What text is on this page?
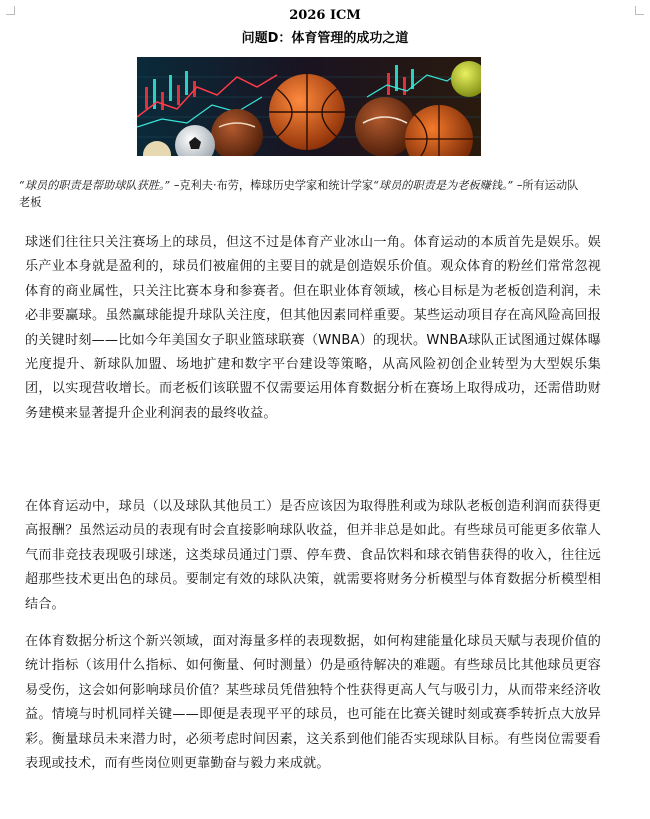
2026 ICM
问题D：体育管理的成功之道
“球员的职责是帮助球队获胜。” –克利夫·布劳，棒球历史学家和统计学家“球员的职责是为老板赚钱。” –所有运动队老板
球迷们往往只关注赛场上的球员，但这不过是体育产业冰山一角。体育运动的本质首先是娱乐。娱乐产业本身就是盈利的，球员们被雇佣的主要目的就是创造娱乐价值。观众体育的粉丝们常常忽视体育的商业属性，只关注比赛本身和参赛者。但在职业体育领域，核心目标是为老板创造利润，未必非要赢球。虽然赢球能提升球队关注度，但其他因素同样重要。某些运动项目存在高风险高回报的关键时刻——比如今年美国女子职业篮球联赛（WNBA）的现状。WNBA球队正试图通过媒体曝光度提升、新球队加盟、场地扩建和数字平台建设等策略，从高风险初创企业转型为大型娱乐集团，以实现营收增长。而老板们该联盟不仅需要运用体育数据分析在赛场上取得成功，还需借助财务建模来显著提升企业利润表的最终收益。
在体育运动中，球员（以及球队其他员工）是否应该因为取得胜利或为球队老板创造利润而获得更高报酬？虽然运动员的表现有时会直接影响球队收益，但并非总是如此。有些球员可能更多依靠人气而非竞技表现吸引球迷，这类球员通过门票、停车费、食品饮料和球衣销售获得的收入，往往远超那些技术更出色的球员。要制定有效的球队决策，就需要将财务分析模型与体育数据分析模型相结合。
在体育数据分析这个新兴领域，面对海量多样的表现数据，如何构建能量化球员天赋与表现价值的统计指标（该用什么指标、如何衡量、何时测量）仍是亟待解决的难题。有些球员比其他球员更容易受伤，这会如何影响球员价值？某些球员凭借独特个性获得更高人气与吸引力，从而带来经济收益。情境与时机同样关键——即便是表现平平的球员，也可能在比赛关键时刻或赛季转折点大放异彩。衡量球员未来潜力时，必须考虑时间因素，这关系到他们能否实现球队目标。有些岗位需要看表现或技术，而有些岗位则更靠勤奋与毅力来成就。
